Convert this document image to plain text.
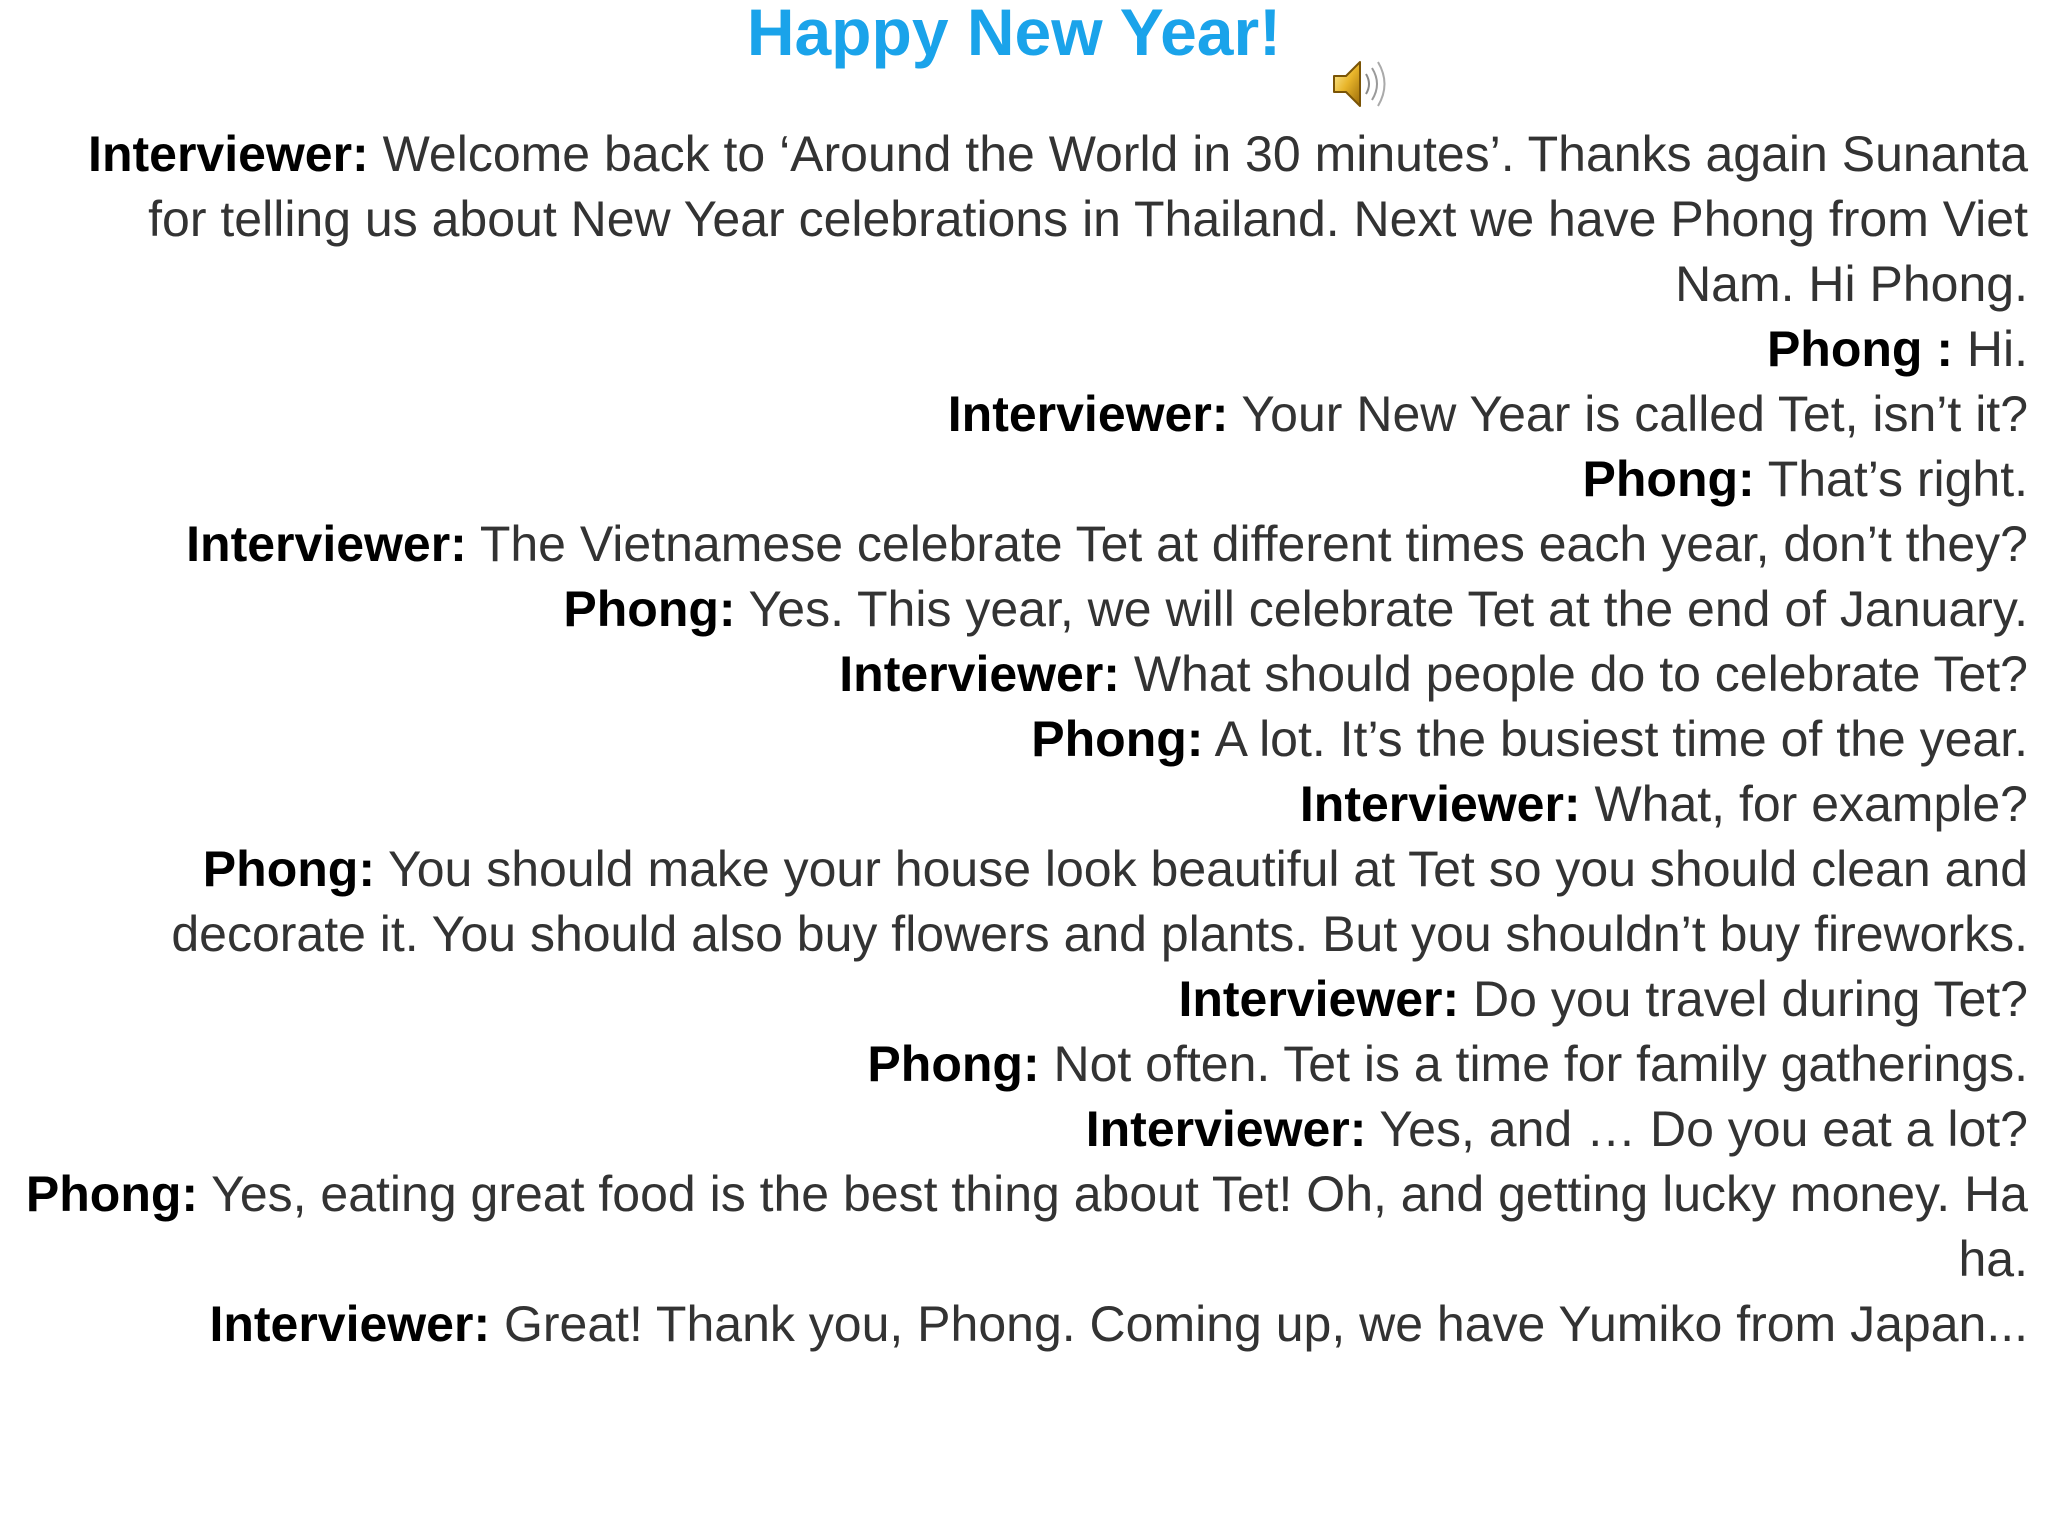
Happy New Year!

Interviewer: Welcome back to ‘Around the World in 30 minutes’. Thanks again Sunanta for telling us about New Year celebrations in Thailand. Next we have Phong from Viet Nam. Hi Phong.

Phong : Hi.

Interviewer: Your New Year is called Tet, isn’t it?

Phong: That’s right.

Interviewer: The Vietnamese celebrate Tet at different times each year, don’t they?

Phong: Yes. This year, we will celebrate Tet at the end of January.

Interviewer: What should people do to celebrate Tet?

Phong: A lot. It’s the busiest time of the year.

Interviewer: What, for example?

Phong: You should make your house look beautiful at Tet so you should clean and decorate it. You should also buy flowers and plants. But you shouldn’t buy fireworks.

Interviewer: Do you travel during Tet?

Phong: Not often. Tet is a time for family gatherings.

Interviewer: Yes, and … Do you eat a lot?

Phong: Yes, eating great food is the best thing about Tet! Oh, and getting lucky money. Ha ha.

Interviewer: Great! Thank you, Phong. Coming up, we have Yumiko from Japan...
